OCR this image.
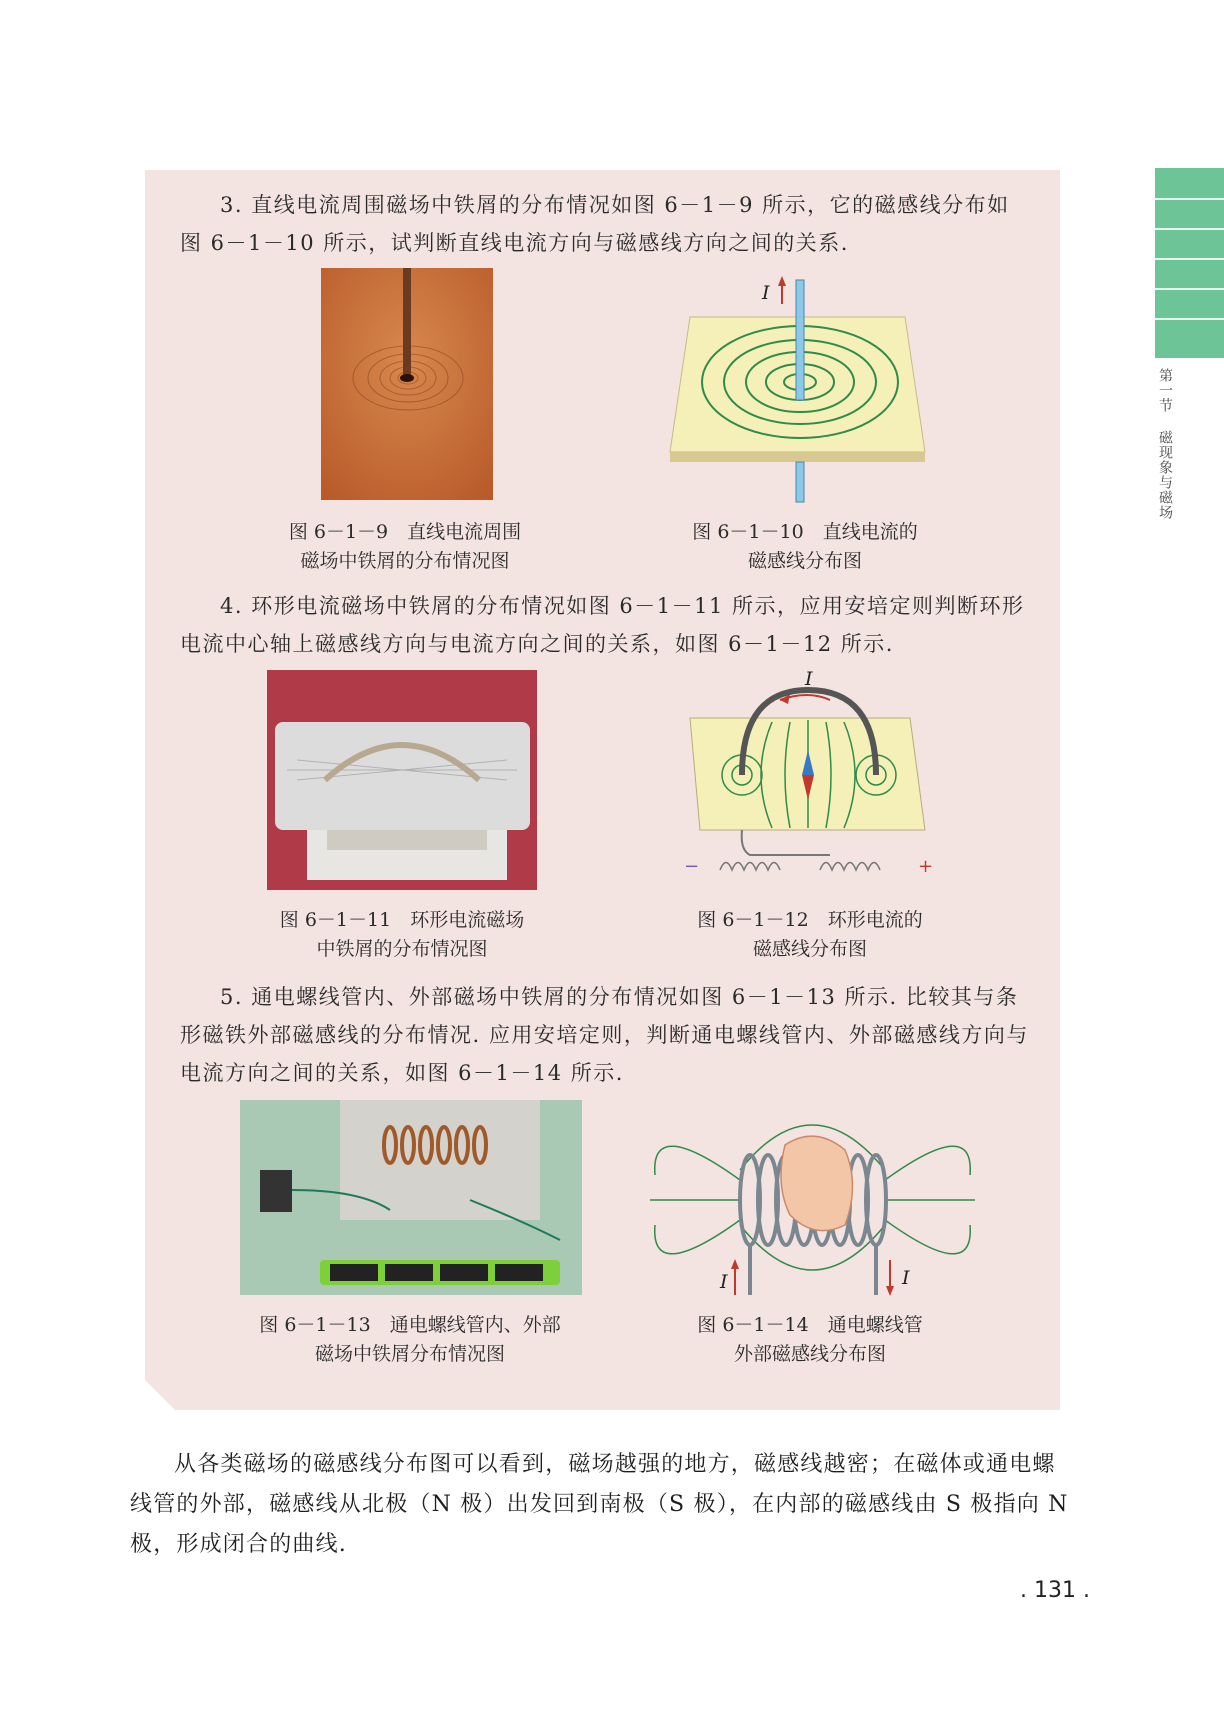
第一节 磁现象与磁场

3. 直线电流周围磁场中铁屑的分布情况如图 6－1－9 所示，它的磁感线分布如图 6－1－10 所示，试判断直线电流方向与磁感线方向之间的关系.

I
图 6－1－9　直线电流周围
磁场中铁屑的分布情况图
图 6－1－10　直线电流的
磁感线分布图

4. 环形电流磁场中铁屑的分布情况如图 6－1－11 所示，应用安培定则判断环形电流中心轴上磁感线方向与电流方向之间的关系，如图 6－1－12 所示.

I
−	+
图 6－1－11　环形电流磁场
中铁屑的分布情况图
图 6－1－12　环形电流的
磁感线分布图

5. 通电螺线管内、外部磁场中铁屑的分布情况如图 6－1－13 所示. 比较其与条形磁铁外部磁感线的分布情况. 应用安培定则，判断通电螺线管内、外部磁感线方向与电流方向之间的关系，如图 6－1－14 所示.

I	I
图 6－1－13　通电螺线管内、外部
磁场中铁屑分布情况图
图 6－1－14　通电螺线管
外部磁感线分布图

从各类磁场的磁感线分布图可以看到，磁场越强的地方，磁感线越密；在磁体或通电螺线管的外部，磁感线从北极（N 极）出发回到南极（S 极），在内部的磁感线由 S 极指向 N 极，形成闭合的曲线.

. 131 .
